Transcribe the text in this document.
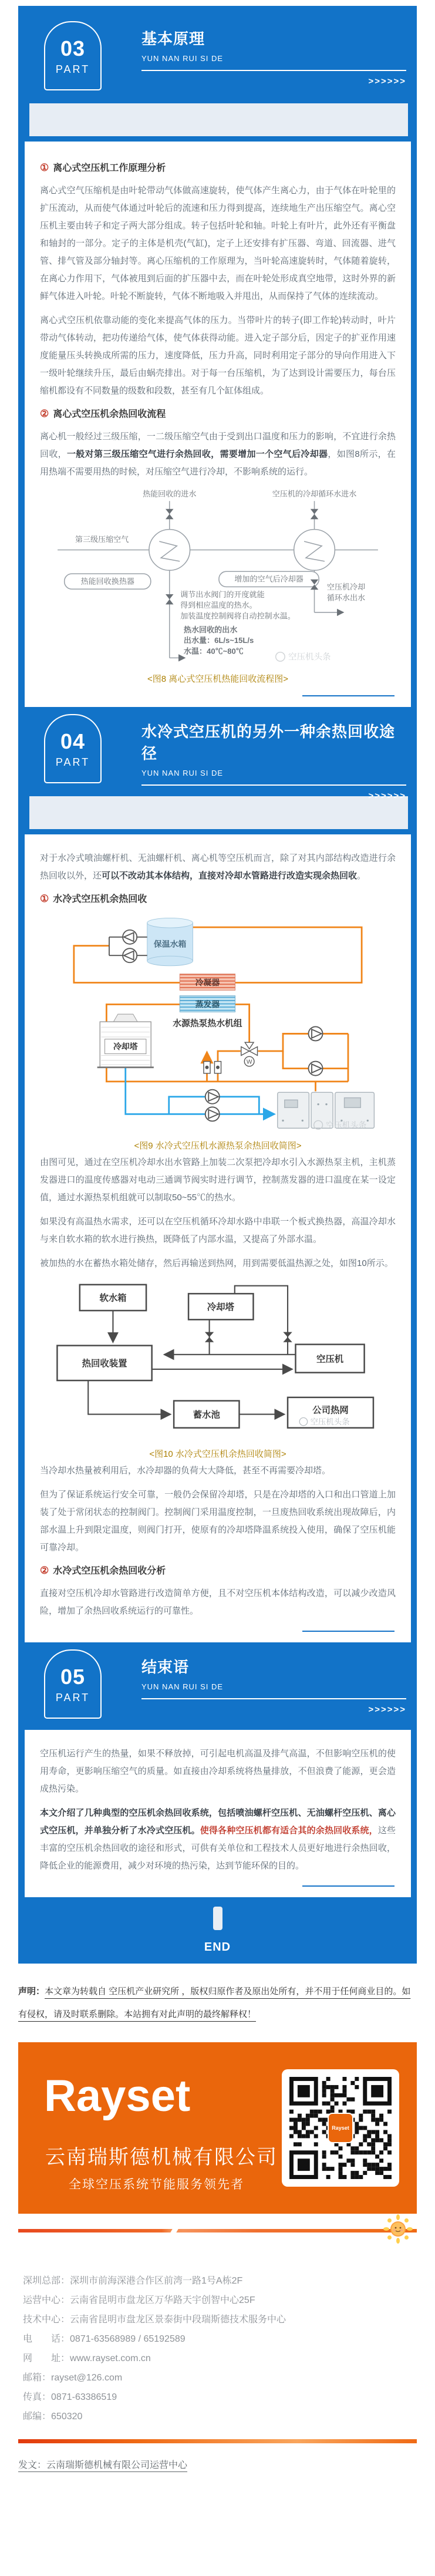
03
PART
基本原理
YUN NAN RUI SI DE
>>>>>>
① 离心式空压机工作原理分析

离心式空气压缩机是由叶轮带动气体做高速旋转，使气体产生离心力，由于气体在叶轮里的扩压流动，从而使气体通过叶轮后的流速和压力得到提高，连续地生产出压缩空气。离心空压机主要由转子和定子两大部分组成。转子包括叶轮和轴。叶轮上有叶片，此外还有平衡盘和轴封的一部分。定子的主体是机壳(气缸)，定子上还安排有扩压器、弯道、回流器、进气管、排气管及部分轴封等。离心压缩机的工作原理为，当叶轮高速旋转时，气体随着旋转，在离心力作用下，气体被甩到后面的扩压器中去，而在叶轮处形成真空地带，这时外界的新鲜气体进入叶轮。叶轮不断旋转，气体不断地吸入并甩出，从而保持了气体的连续流动。

离心式空压机依靠动能的变化来提高气体的压力。当带叶片的转子(即工作轮)转动时，叶片带动气体转动，把功传递给气体，使气体获得动能。进入定子部分后，因定子的扩亚作用速度能量压头转换成所需的压力，速度降低，压力升高，同时利用定子部分的导向作用进入下一级叶轮继续升压，最后由蜗壳排出。对于每一台压缩机，为了达到设计需要压力，每台压缩机都设有不同数量的级数和段数，甚至有几个缸体组成。

② 离心式空压机余热回收流程

离心机一般经过三级压缩，一二级压缩空气由于受到出口温度和压力的影响，不宜进行余热回收，一般对第三级压缩空气进行余热回收，需要增加一个空气后冷却器，如图8所示，在用热端不需要用热的时候，对压缩空气进行冷却，不影响系统的运行。

热能回收的进水	空压机的冷却循环水进水
第三级压缩空气
热能回收换热器	增加的空气后冷却器
调节出水阀门的开度就能
得到相应温度的热水。
加装温度控制阀将自动控制水温。
热水回收的出水
出水量：6L/s~15L/s
水温：40℃~80℃
空压机冷却
循环水出水
空压机头条
<图8 离心式空压机热能回收流程图>
04
PART
水冷式空压机的另外一种余热回收途径
YUN NAN RUI SI DE
>>>>>>

对于水冷式喷油螺杆机、无油螺杆机、离心机等空压机而言，除了对其内部结构改造进行余热回收以外，还可以不改动其本体结构，直接对冷却水管路进行改造实现余热回收。

① 水冷式空压机余热回收
保温水箱
冷凝器
蒸发器
水源热泵热水机组
冷却塔
W
空压机头条
<图9 水冷式空压机水源热泵余热回收简图>

由图可见，通过在空压机冷却水出水管路上加装二次泵把冷却水引入水源热泵主机，主机蒸发器进口的温度传感器对电动三通调节阀实时进行调节，控制蒸发器的进口温度在某一设定值，通过水源热泵机组就可以制取50~55℃的热水。

如果没有高温热水需求，还可以在空压机循环冷却水路中串联一个板式换热器，高温冷却水与来自软水箱的软水进行换热，既降低了内部水温，又提高了外部水温。

被加热的水在蓄热水箱处储存，然后再输送到热网，用到需要低温热源之处，如图10所示。

软水箱
冷却塔
热回收装置	空压机
蓄水池	公司热网
空压机头条
<图10 水冷式空压机余热回收简图>

当冷却水热量被利用后，水冷却器的负荷大大降低，甚至不再需要冷却塔。

但为了保证系统运行安全可靠，一般仍会保留冷却塔，只是在冷却塔的入口和出口管道上加装了处于常闭状态的控制阀门。控制阀门采用温度控制，一旦废热回收系统出现故障后，内部水温上升到限定温度，则阀门打开，使原有的冷却塔降温系统投入使用，确保了空压机能可靠冷却。

② 水冷式空压机余热回收分析

直接对空压机冷却水管路进行改造简单方便，且不对空压机本体结构改造，可以减少改造风险，增加了余热回收系统运行的可靠性。

05
PART
结束语
YUN NAN RUI SI DE
>>>>>>

空压机运行产生的热量，如果不释放掉，可引起电机高温及排气高温，不但影响空压机的使用寿命，更影响压缩空气的质量。如直接由冷却系统将热量排放，不但浪费了能源，更会造成热污染。

本文介绍了几种典型的空压机余热回收系统，包括喷油螺杆空压机、无油螺杆空压机、离心式空压机，并单独分析了水冷式空压机。使得各种空压机都有适合其的余热回收系统，这些丰富的空压机余热回收的途径和形式，可供有关单位和工程技术人员更好地进行余热回收，降低企业的能源费用，减少对环境的热污染，达到节能环保的目的。

END
声明：本文章为转载自 空压机产业研究所 ，版权归原作者及原出处所有，并不用于任何商业目的。如有侵权，请及时联系删除。本站拥有对此声明的最终解释权！
Rayset
云南瑞斯德机械有限公司
全球空压系统节能服务领先者
Rayset
深圳总部：深圳市前海深港合作区前湾一路1号A栋2F
运营中心：云南省昆明市盘龙区万华路天宇创智中心25F
技术中心：云南省昆明市盘龙区景泰街中段瑞斯德技术服务中心
电　　话：0871-63568989 / 65192589
网　　址：www.rayset.com.cn
邮箱：rayset@126.com
传真：0871-63386519
邮编：650320
发文：云南瑞斯德机械有限公司运营中心
